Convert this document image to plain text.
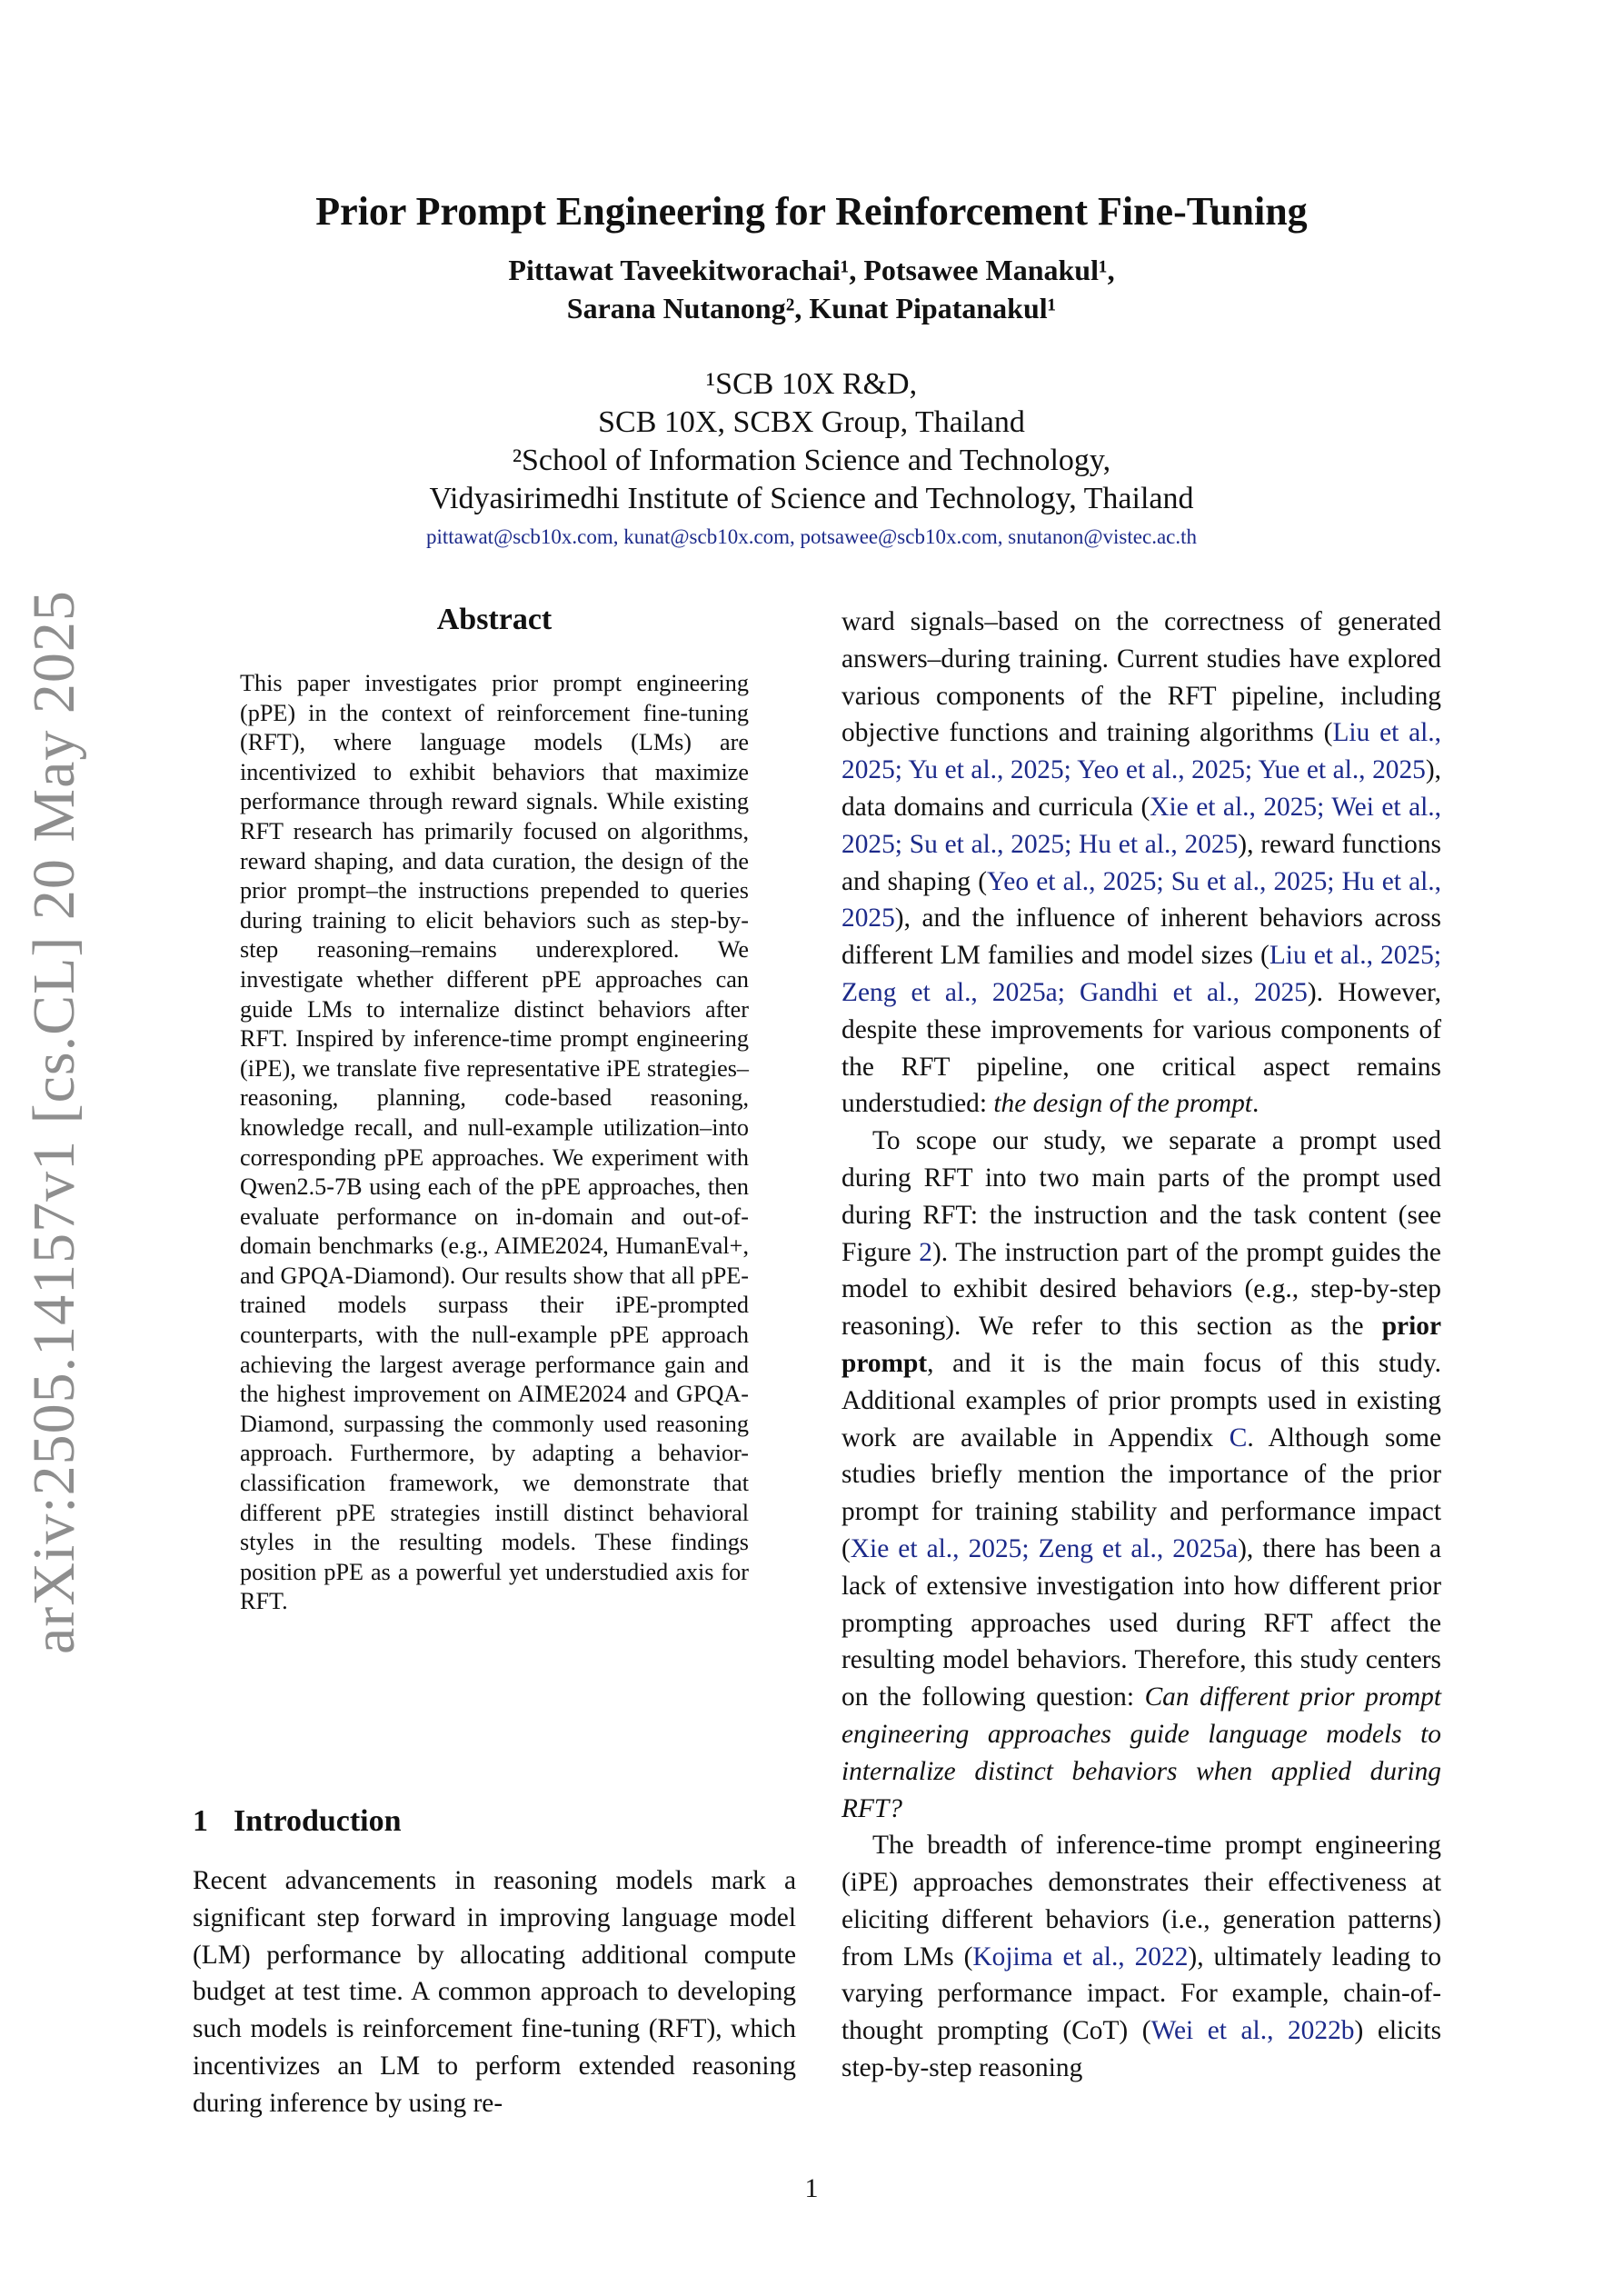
arXiv:2505.14157v1 [cs.CL] 20 May 2025
Prior Prompt Engineering for Reinforcement Fine-Tuning
Pittawat Taveekitworachai¹, Potsawee Manakul¹,
Sarana Nutanong², Kunat Pipatanakul¹
¹SCB 10X R&D,
SCB 10X, SCBX Group, Thailand
²School of Information Science and Technology,
Vidyasirimedhi Institute of Science and Technology, Thailand
pittawat@scb10x.com, kunat@scb10x.com, potsawee@scb10x.com, snutanon@vistec.ac.th
Abstract
This paper investigates prior prompt engineering (pPE) in the context of reinforcement fine-tuning (RFT), where language models (LMs) are incentivized to exhibit behaviors that maximize performance through reward signals. While existing RFT research has primarily focused on algorithms, reward shaping, and data curation, the design of the prior prompt–the instructions prepended to queries during training to elicit behaviors such as step-by-step reasoning–remains underexplored. We investigate whether different pPE approaches can guide LMs to internalize distinct behaviors after RFT. Inspired by inference-time prompt engineering (iPE), we translate five representative iPE strategies–reasoning, planning, code-based reasoning, knowledge recall, and null-example utilization–into corresponding pPE approaches. We experiment with Qwen2.5-7B using each of the pPE approaches, then evaluate performance on in-domain and out-of-domain benchmarks (e.g., AIME2024, HumanEval+, and GPQA-Diamond). Our results show that all pPE-trained models surpass their iPE-prompted counterparts, with the null-example pPE approach achieving the largest average performance gain and the highest improvement on AIME2024 and GPQA-Diamond, surpassing the commonly used reasoning approach. Furthermore, by adapting a behavior-classification framework, we demonstrate that different pPE strategies instill distinct behavioral styles in the resulting models. These findings position pPE as a powerful yet understudied axis for RFT.
1 Introduction

Recent advancements in reasoning models mark a significant step forward in improving language model (LM) performance by allocating additional compute budget at test time. A common approach to developing such models is reinforcement fine-tuning (RFT), which incentivizes an LM to perform extended reasoning during inference by using re-

ward signals–based on the correctness of generated answers–during training. Current studies have explored various components of the RFT pipeline, including objective functions and training algorithms (Liu et al., 2025; Yu et al., 2025; Yeo et al., 2025; Yue et al., 2025), data domains and curricula (Xie et al., 2025; Wei et al., 2025; Su et al., 2025; Hu et al., 2025), reward functions and shaping (Yeo et al., 2025; Su et al., 2025; Hu et al., 2025), and the influence of inherent behaviors across different LM families and model sizes (Liu et al., 2025; Zeng et al., 2025a; Gandhi et al., 2025). However, despite these improvements for various components of the RFT pipeline, one critical aspect remains understudied: the design of the prompt.

To scope our study, we separate a prompt used during RFT into two main parts of the prompt used during RFT: the instruction and the task content (see Figure 2). The instruction part of the prompt guides the model to exhibit desired behaviors (e.g., step-by-step reasoning). We refer to this section as the prior prompt, and it is the main focus of this study. Additional examples of prior prompts used in existing work are available in Appendix C. Although some studies briefly mention the importance of the prior prompt for training stability and performance impact (Xie et al., 2025; Zeng et al., 2025a), there has been a lack of extensive investigation into how different prior prompting approaches used during RFT affect the resulting model behaviors. Therefore, this study centers on the following question: Can different prior prompt engineering approaches guide language models to internalize distinct behaviors when applied during RFT?

The breadth of inference-time prompt engineering (iPE) approaches demonstrates their effectiveness at eliciting different behaviors (i.e., generation patterns) from LMs (Kojima et al., 2022), ultimately leading to varying performance impact. For example, chain-of-thought prompting (CoT) (Wei et al., 2022b) elicits step-by-step reasoning

1
